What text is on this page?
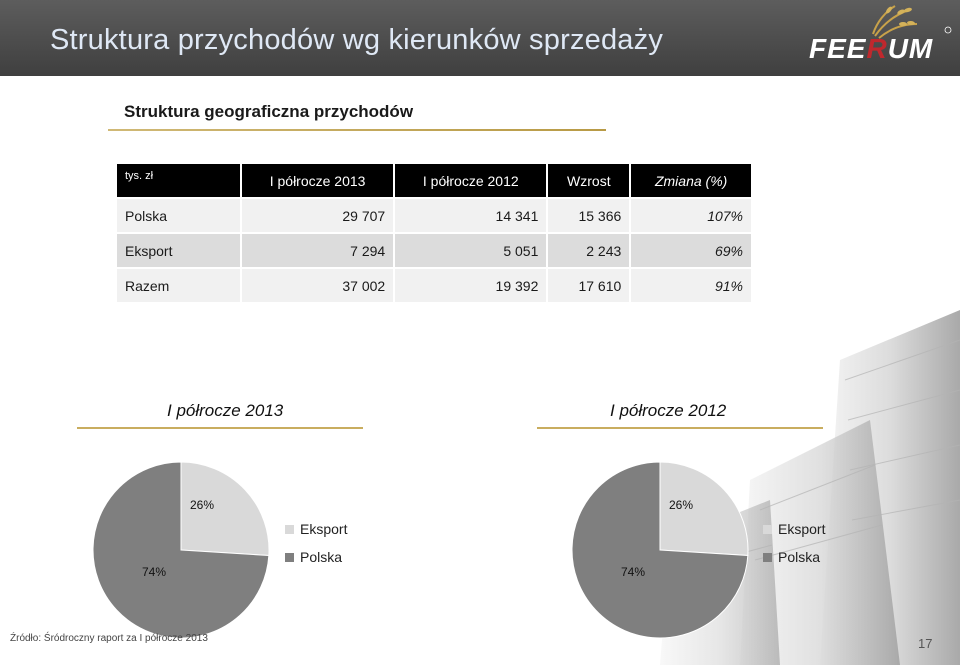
Struktura przychodów wg kierunków sprzedaży	FEERUM
Struktura geograficzna przychodów
tys. zł	I półrocze 2013	I półrocze 2012	Wzrost	Zmiana (%)
Polska	29 707	14 341	15 366	107%
Eksport	7 294	5 051	2 243	69%
Razem	37 002	19 392	17 610	91%
I półrocze 2013
26%
74%
Eksport
Polska
I półrocze 2012
26%
74%
Eksport
Polska
Źródło: Śródroczny raport za I półrocze 2013	17
